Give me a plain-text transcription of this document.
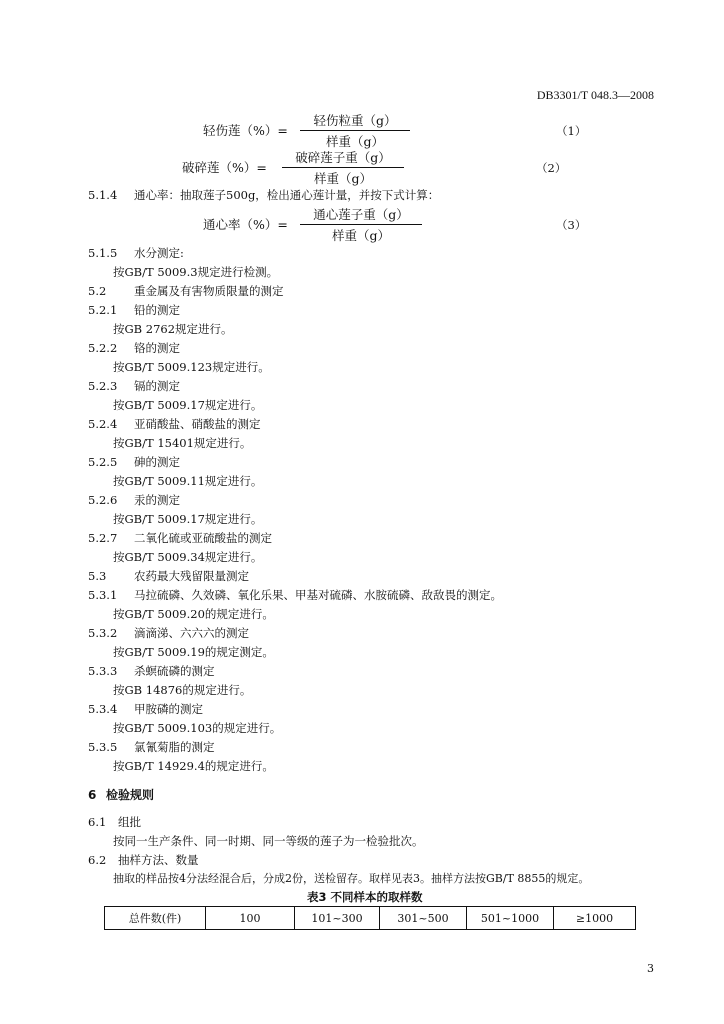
DB3301/T 048.3—2008
轻伤莲（%）=
轻伤粒重（g）
样重（g）
（1）
破碎莲（%）=
破碎莲子重（g）
样重（g）
（2）
5.1.4 通心率：抽取莲子500g，检出通心莲计量，并按下式计算：
通心率（%）=
通心莲子重（g）
样重（g）
（3）
5.1.5 水分测定:
按GB/T 5009.3规定进行检测。
5.2 重金属及有害物质限量的测定
5.2.1 铅的测定
按GB 2762规定进行。
5.2.2 铬的测定
按GB/T 5009.123规定进行。
5.2.3 镉的测定
按GB/T 5009.17规定进行。
5.2.4 亚硝酸盐、硝酸盐的测定
按GB/T 15401规定进行。
5.2.5 砷的测定
按GB/T 5009.11规定进行。
5.2.6 汞的测定
按GB/T 5009.17规定进行。
5.2.7 二氧化硫或亚硫酸盐的测定
按GB/T 5009.34规定进行。
5.3 农药最大残留限量测定
5.3.1 马拉硫磷、久效磷、氧化乐果、甲基对硫磷、水胺硫磷、敌敌畏的测定。
按GB/T 5009.20的规定进行。
5.3.2 滴滴涕、六六六的测定
按GB/T 5009.19的规定测定。
5.3.3 杀螟硫磷的测定
按GB 14876的规定进行。
5.3.4 甲胺磷的测定
按GB/T 5009.103的规定进行。
5.3.5 氯氰菊脂的测定
按GB/T 14929.4的规定进行。
6 检验规则
6.1 组批
按同一生产条件、同一时期、同一等级的莲子为一检验批次。
6.2 抽样方法、数量
抽取的样品按4分法经混合后，分成2份，送检留存。取样见表3。抽样方法按GB/T 8855的规定。
表3 不同样本的取样数
总件数(件)	100	101~300	301~500	501~1000	≥1000
3
